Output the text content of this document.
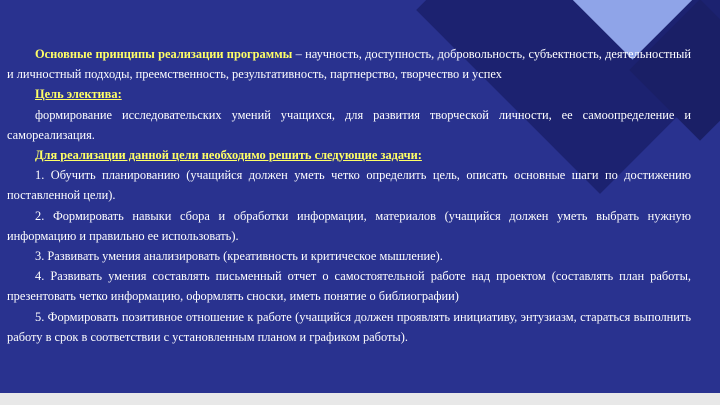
Основные принципы реализации программы – научность, доступность, добровольность, субъектность, деятельностный и личностный подходы, преемственность, результативность, партнерство, творчество и успех

Цель элективa:

формирование исследовательских умений учащихся, для развития творческой личности, ее самоопределение и самореализация.

Для реализации данной цели необходимо решить следующие задачи:

1. Обучить планированию (учащийся должен уметь четко определить цель, описать основные шаги по достижению поставленной цели).

2. Формировать навыки сбора и обработки информации, материалов (учащийся должен уметь выбрать нужную информацию и правильно ее использовать).

3. Развивать умения анализировать (креативность и критическое мышление).

4. Развивать умения составлять письменный отчет о самостоятельной работе над проектом (составлять план работы, презентовать четко информацию, оформлять сноски, иметь понятие о библиографии)

5. Формировать позитивное отношение к работе (учащийся должен проявлять инициативу, энтузиазм, стараться выполнить работу в срок в соответствии с установленным планом и графиком работы).
